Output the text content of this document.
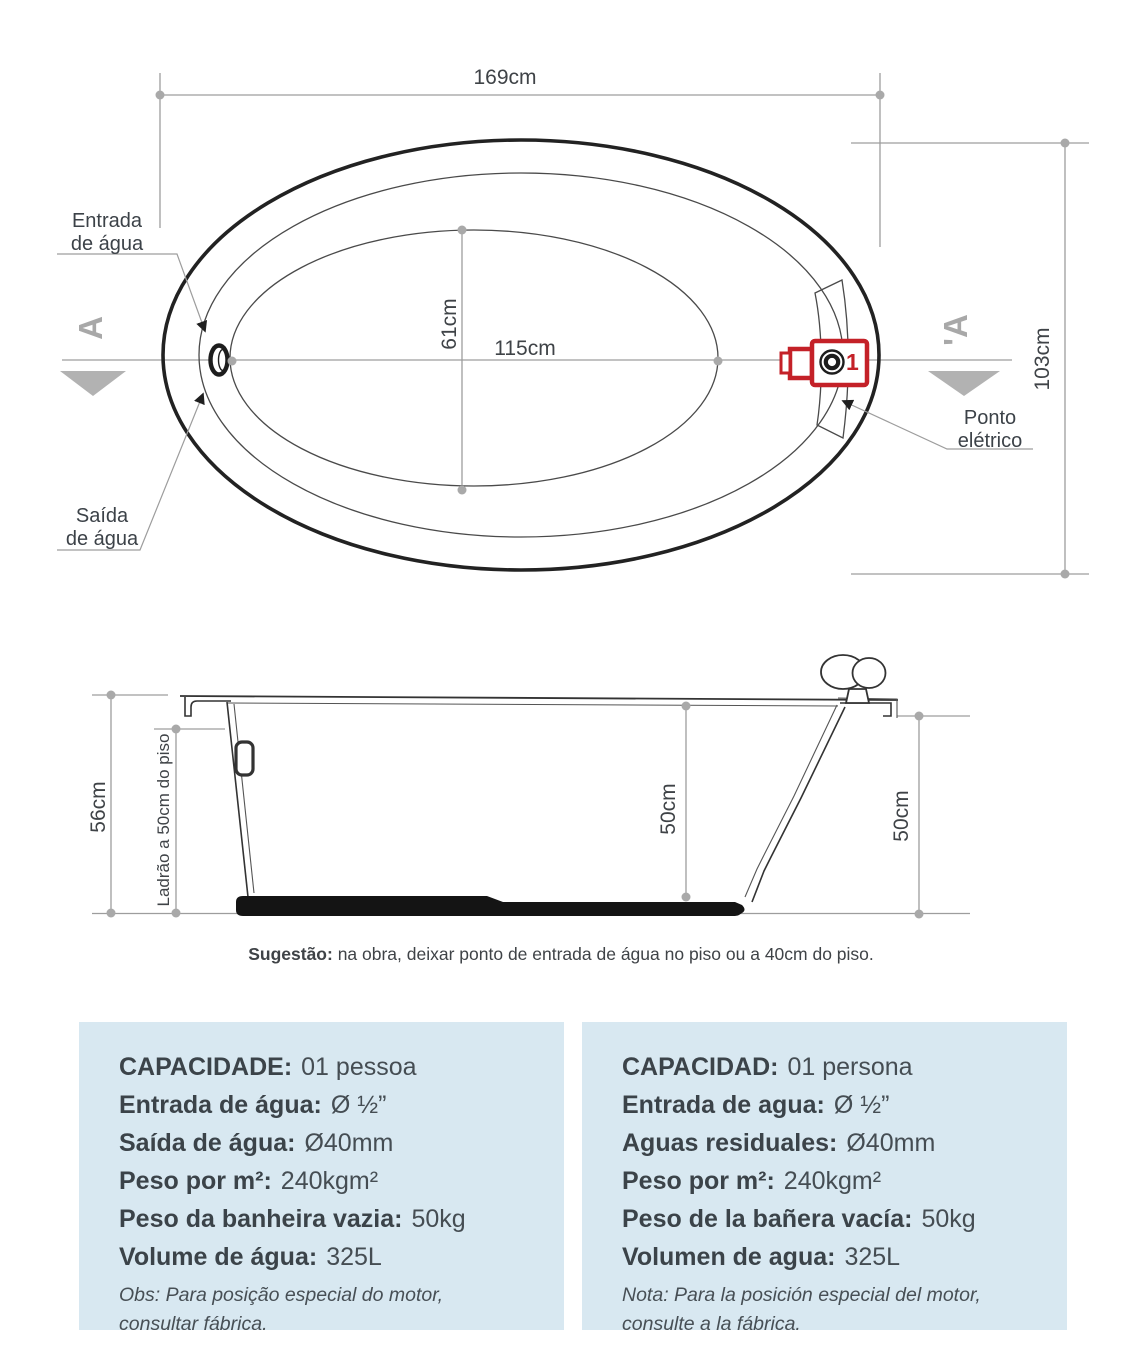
169cm
103cm
115cm
61cm
Entrada
de água
Saída
de água
Ponto
elétrico
A	'A
1
56cm	Ladrão a 50cm do piso	50cm	50cm
Sugestão: na obra, deixar ponto de entrada de água no piso ou a 40cm do piso.
CAPACIDADE: 01 pessoa
Entrada de água: Ø ½”
Saída de água: Ø40mm
Peso por m²: 240kgm²
Peso da banheira vazia: 50kg
Volume de água: 325L
Obs: Para posição especial do motor,
consultar fábrica.
CAPACIDAD: 01 persona
Entrada de agua: Ø ½”
Aguas residuales: Ø40mm
Peso por m²: 240kgm²
Peso de la bañera vacía: 50kg
Volumen de agua: 325L
Nota: Para la posición especial del motor,
consulte a la fábrica.
